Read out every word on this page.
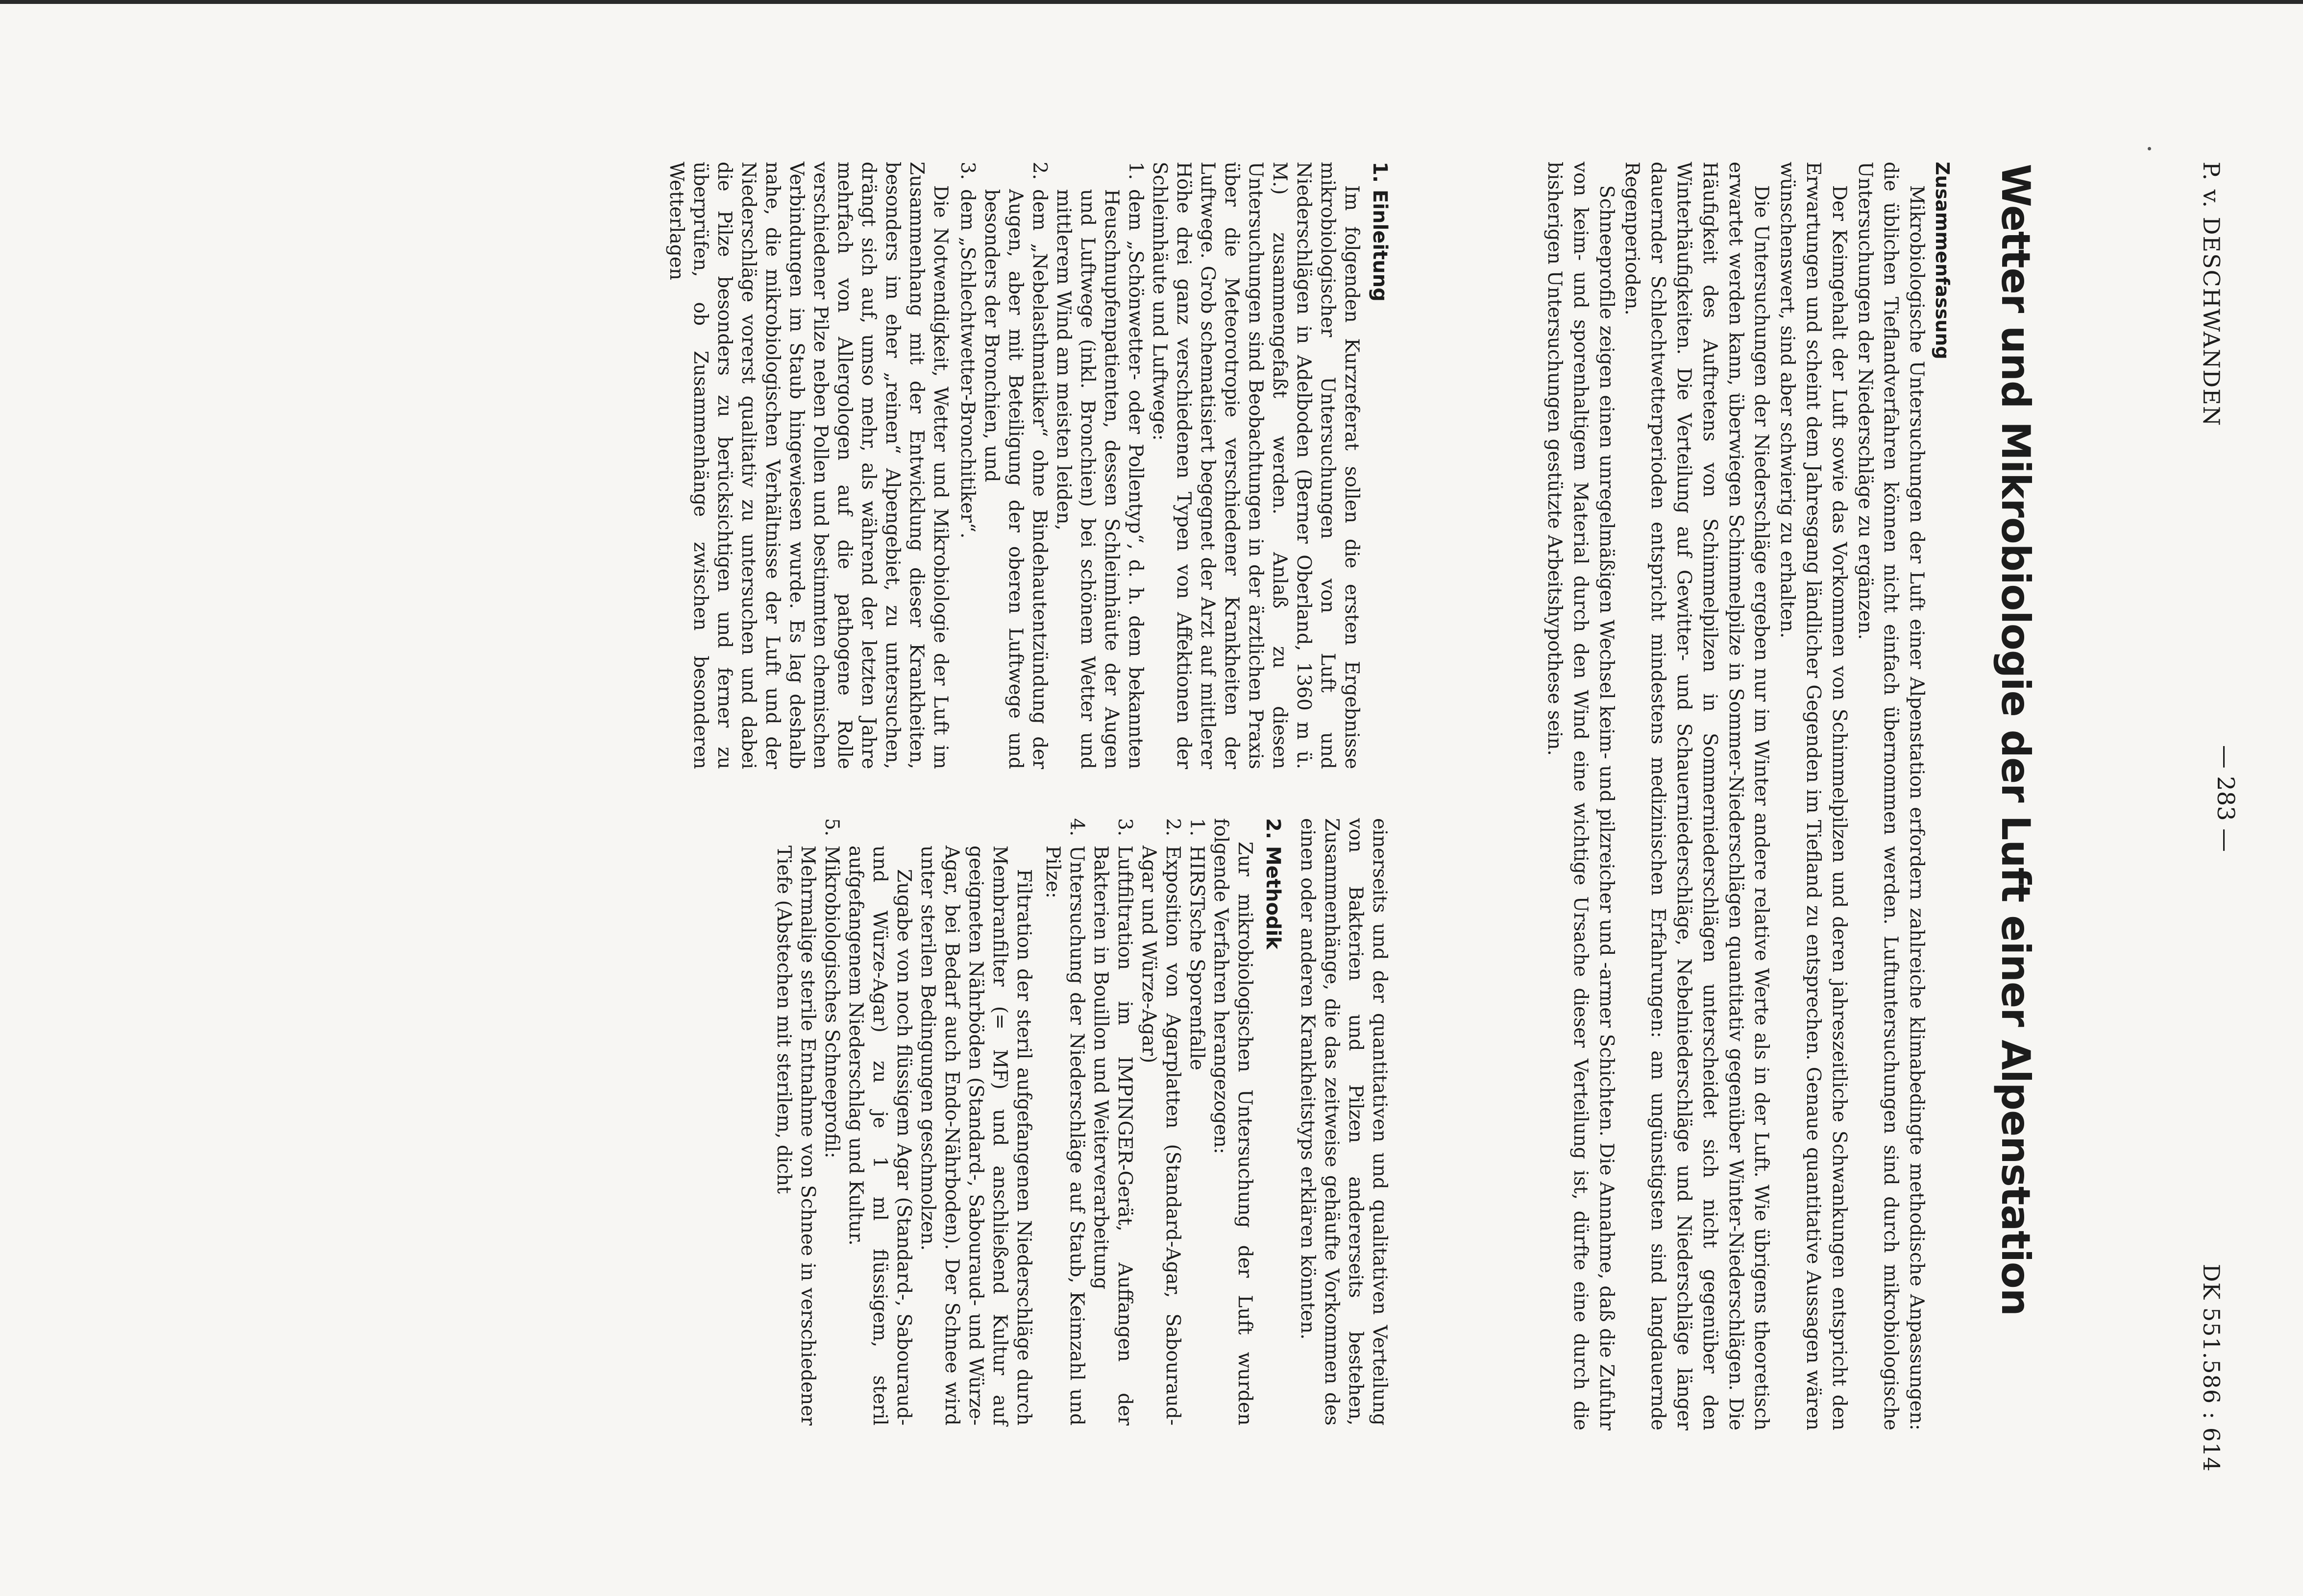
— 283 —
P. v. DESCHWANDEN
DK 551.586 : 614
Wetter und Mikrobiologie der Luft einer Alpenstation
Zusammenfassung

Mikrobiologische Untersuchungen der Luft einer Alpenstation erfordern zahlreiche klimabedingte methodische Anpassungen: die üblichen Tieflandverfahren können nicht einfach übernommen werden. Luftuntersuchungen sind durch mikrobiologische Untersuchungen der Niederschläge zu ergänzen.

Der Keimgehalt der Luft sowie das Vorkommen von Schimmelpilzen und deren jahreszeitliche Schwankungen entspricht den Erwartungen und scheint dem Jahresgang ländlicher Gegenden im Tiefland zu entsprechen. Genaue quantitative Aussagen wären wünschenswert, sind aber schwierig zu erhalten.

Die Untersuchungen der Niederschläge ergeben nur im Winter andere relative Werte als in der Luft. Wie übrigens theoretisch erwartet werden kann, überwiegen Schimmelpilze in Sommer-Niederschlägen quantitativ gegenüber Winter-Niederschlägen. Die Häufigkeit des Auftretens von Schimmelpilzen in Sommerniederschlägen unterscheidet sich nicht gegenüber den Winterhäufigkeiten. Die Verteilung auf Gewitter- und Schauerniederschläge, Nebelniederschläge und Niederschläge länger dauernder Schlechtwetterperioden entspricht mindestens medizinischen Erfahrungen: am ungünstigsten sind langdauernde Regenperioden.

Schneeprofile zeigen einen unregelmäßigen Wechsel keim- und pilzreicher und -armer Schichten. Die Annahme, daß die Zufuhr von keim- und sporenhaltigem Material durch den Wind eine wichtige Ursache dieser Verteilung ist, dürfte eine durch die bisherigen Untersuchungen gestützte Arbeitshypothese sein.

1. Einleitung

Im folgenden Kurzreferat sollen die ersten Ergebnisse mikrobiologischer Untersuchungen von Luft und Niederschlägen in Adelboden (Berner Oberland, 1360 m ü. M.) zusammengefaßt werden. Anlaß zu diesen Untersuchungen sind Beobachtungen in der ärztlichen Praxis über die Meteorotropie verschiedener Krankheiten der Luftwege. Grob schematisiert begegnet der Arzt auf mittlerer Höhe drei ganz verschiedenen Typen von Affektionen der Schleimhäute und Luftwege:

1.
dem „Schönwetter- oder Pollentyp“, d. h. dem bekannten Heuschnupfenpatienten, dessen Schleimhäute der Augen und Luftwege (inkl. Bronchien) bei schönem Wetter und mittlerem Wind am meisten leiden,
2.
dem „Nebelasthmatiker“ ohne Bindehautentzündung der Augen, aber mit Beteiligung der oberen Luftwege und besonders der Bronchien, und
3.
dem „Schlechtwetter-Bronchitiker“.

Die Notwendigkeit, Wetter und Mikrobiologie der Luft im Zusammenhang mit der Entwicklung dieser Krankheiten, besonders im eher „reinen“ Alpengebiet, zu untersuchen, drängt sich auf, umso mehr, als während der letzten Jahre mehrfach von Allergologen auf die pathogene Rolle verschiedener Pilze neben Pollen und bestimmten chemischen Verbindungen im Staub hingewiesen wurde. Es lag deshalb nahe, die mikrobiologischen Verhältnisse der Luft und der Niederschläge vorerst qualitativ zu untersuchen und dabei die Pilze besonders zu berücksichtigen und ferner zu überprüfen, ob Zusammenhänge zwischen besonderen Wetterlagen

einerseits und der quantitativen und qualitativen Verteilung von Bakterien und Pilzen andererseits bestehen, Zusammenhänge, die das zeitweise gehäufte Vorkommen des einen oder anderen Krankheitstyps erklären könnten.

2. Methodik

Zur mikrobiologischen Untersuchung der Luft wurden folgende Verfahren herangezogen:

1.
HIRSTsche Sporenfalle
2.
Exposition von Agarplatten (Standard-Agar, Sabouraud-Agar und Würze-Agar)
3.
Luftfiltration im IMPINGER-Gerät, Auffangen der Bakterien in Bouillon und Weiterverarbeitung
4.
Untersuchung der Niederschläge auf Staub, Keimzahl und Pilze:

Filtration der steril aufgefangenen Niederschläge durch Membranfilter (= MF) und anschließend Kultur auf geeigneten Nährböden (Standard-, Sabouraud- und Würze-Agar, bei Bedarf auch Endo-Nährboden). Der Schnee wird unter sterilen Bedingungen geschmolzen.

Zugabe von noch flüssigem Agar (Standard-, Sabouraud- und Würze-Agar) zu je 1 ml flüssigem, steril aufgefangenem Niederschlag und Kultur.

5.
Mikrobiologisches Schneeprofil:

Mehrmalige sterile Entnahme von Schnee in verschiedener Tiefe (Abstechen mit sterilem, dicht
